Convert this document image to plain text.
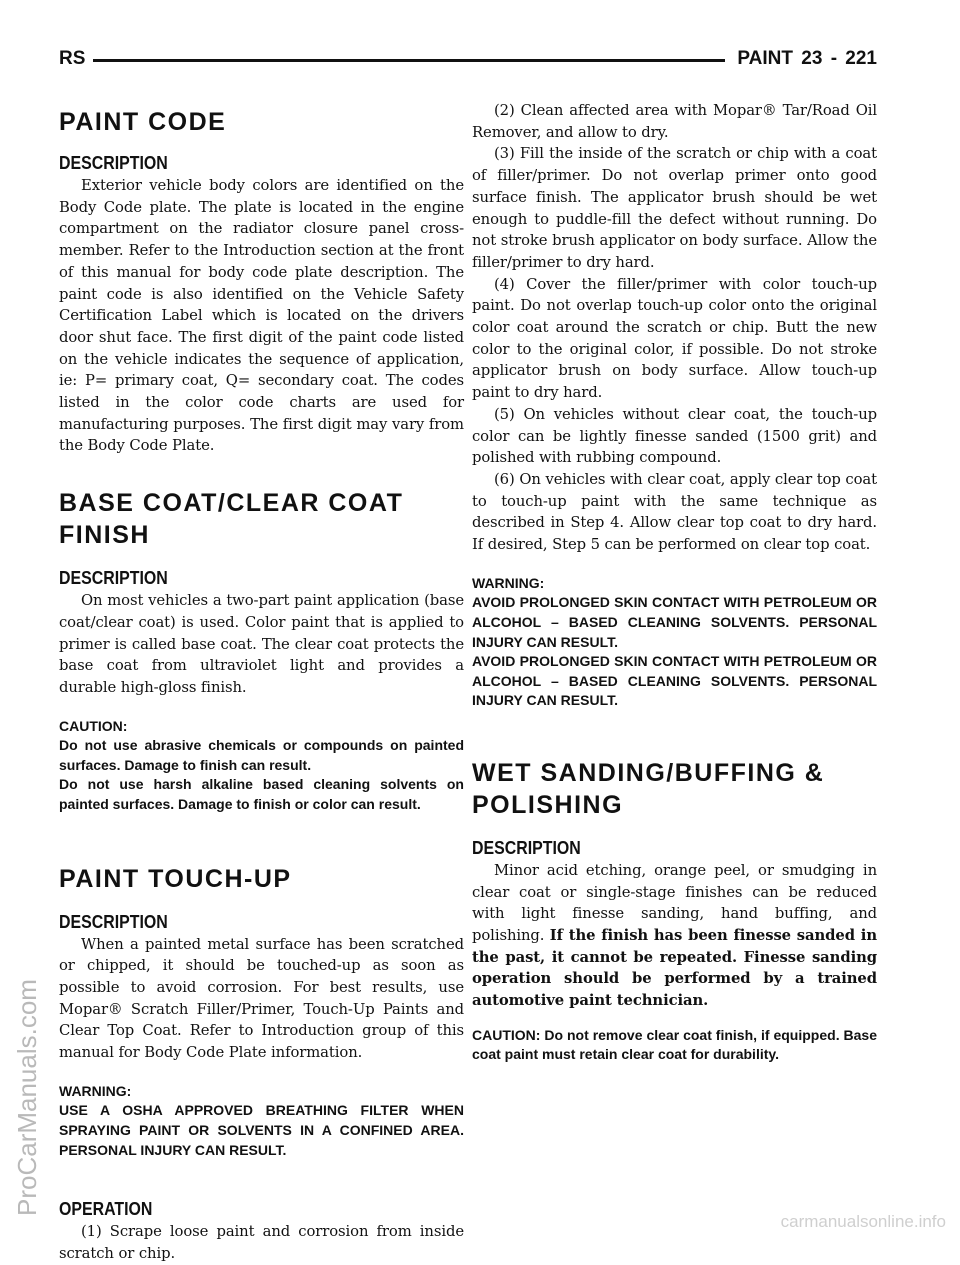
RS	PAINT 23 - 221
ProCarManuals.com
carmanualsonline.info
PAINT CODE
DESCRIPTION

Exterior vehicle body colors are identified on the Body Code plate. The plate is located in the engine compartment on the radiator closure panel cross-member. Refer to the Introduction section at the front of this manual for body code plate description. The paint code is also identified on the Vehicle Safety Certification Label which is located on the drivers door shut face. The first digit of the paint code listed on the vehicle indicates the sequence of application, ie: P= primary coat, Q= secondary coat. The codes listed in the color code charts are used for manufacturing purposes. The first digit may vary from the Body Code Plate.

BASE COAT/CLEAR COAT
FINISH
DESCRIPTION

On most vehicles a two-part paint application (base coat/clear coat) is used. Color paint that is applied to primer is called base coat. The clear coat protects the base coat from ultraviolet light and provides a durable high-gloss finish.

CAUTION:
Do not use abrasive chemicals or compounds on painted surfaces. Damage to finish can result.
Do not use harsh alkaline based cleaning solvents on painted surfaces. Damage to finish or color can result.
PAINT TOUCH-UP
DESCRIPTION

When a painted metal surface has been scratched or chipped, it should be touched-up as soon as possible to avoid corrosion. For best results, use Mopar® Scratch Filler/Primer, Touch-Up Paints and Clear Top Coat. Refer to Introduction group of this manual for Body Code Plate information.

WARNING:
USE A OSHA APPROVED BREATHING FILTER WHEN SPRAYING PAINT OR SOLVENTS IN A CONFINED AREA. PERSONAL INJURY CAN RESULT.
OPERATION

(1) Scrape loose paint and corrosion from inside scratch or chip.

(2) Clean affected area with Mopar® Tar/Road Oil Remover, and allow to dry.

(3) Fill the inside of the scratch or chip with a coat of filler/primer. Do not overlap primer onto good surface finish. The applicator brush should be wet enough to puddle-fill the defect without running. Do not stroke brush applicator on body surface. Allow the filler/primer to dry hard.

(4) Cover the filler/primer with color touch-up paint. Do not overlap touch-up color onto the original color coat around the scratch or chip. Butt the new color to the original color, if possible. Do not stroke applicator brush on body surface. Allow touch-up paint to dry hard.

(5) On vehicles without clear coat, the touch-up color can be lightly finesse sanded (1500 grit) and polished with rubbing compound.

(6) On vehicles with clear coat, apply clear top coat to touch-up paint with the same technique as described in Step 4. Allow clear top coat to dry hard. If desired, Step 5 can be performed on clear top coat.

WARNING:
AVOID PROLONGED SKIN CONTACT WITH PETROLEUM OR ALCOHOL – BASED CLEANING SOLVENTS. PERSONAL INJURY CAN RESULT.
AVOID PROLONGED SKIN CONTACT WITH PETROLEUM OR ALCOHOL – BASED CLEANING SOLVENTS. PERSONAL INJURY CAN RESULT.
WET SANDING/BUFFING &
POLISHING
DESCRIPTION

Minor acid etching, orange peel, or smudging in clear coat or single-stage finishes can be reduced with light finesse sanding, hand buffing, and polishing. If the finish has been finesse sanded in the past, it cannot be repeated. Finesse sanding operation should be performed by a trained automotive paint technician.

CAUTION: Do not remove clear coat finish, if equipped. Base coat paint must retain clear coat for durability.
